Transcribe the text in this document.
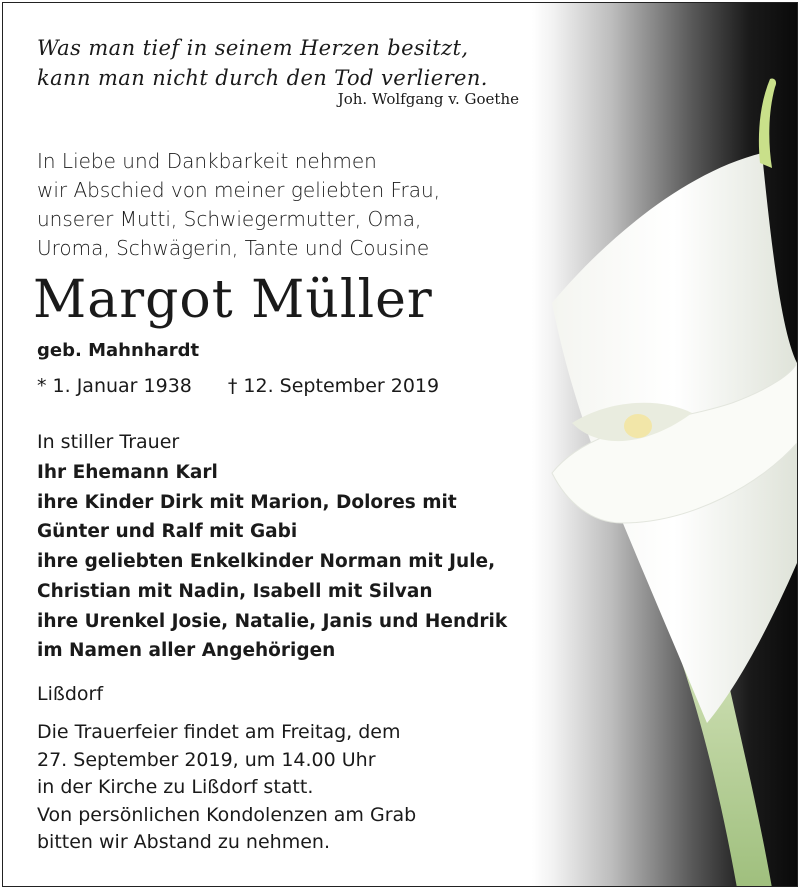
Was man tief in seinem Herzen besitzt,
kann man nicht durch den Tod verlieren.
Joh. Wolfgang v. Goethe
In Liebe und Dankbarkeit nehmen
wir Abschied von meiner geliebten Frau,
unserer Mutti, Schwiegermutter, Oma,
Uroma, Schwägerin, Tante und Cousine
Margot Müller
geb. Mahnhardt
* 1. Januar 1938 † 12. September 2019
In stiller Trauer
Ihr Ehemann Karl
ihre Kinder Dirk mit Marion, Dolores mit
Günter und Ralf mit Gabi
ihre geliebten Enkelkinder Norman mit Jule,
Christian mit Nadin, Isabell mit Silvan
ihre Urenkel Josie, Natalie, Janis und Hendrik
im Namen aller Angehörigen
Lißdorf
Die Trauerfeier findet am Freitag, dem
27. September 2019, um 14.00 Uhr
in der Kirche zu Lißdorf statt.
Von persönlichen Kondolenzen am Grab
bitten wir Abstand zu nehmen.
